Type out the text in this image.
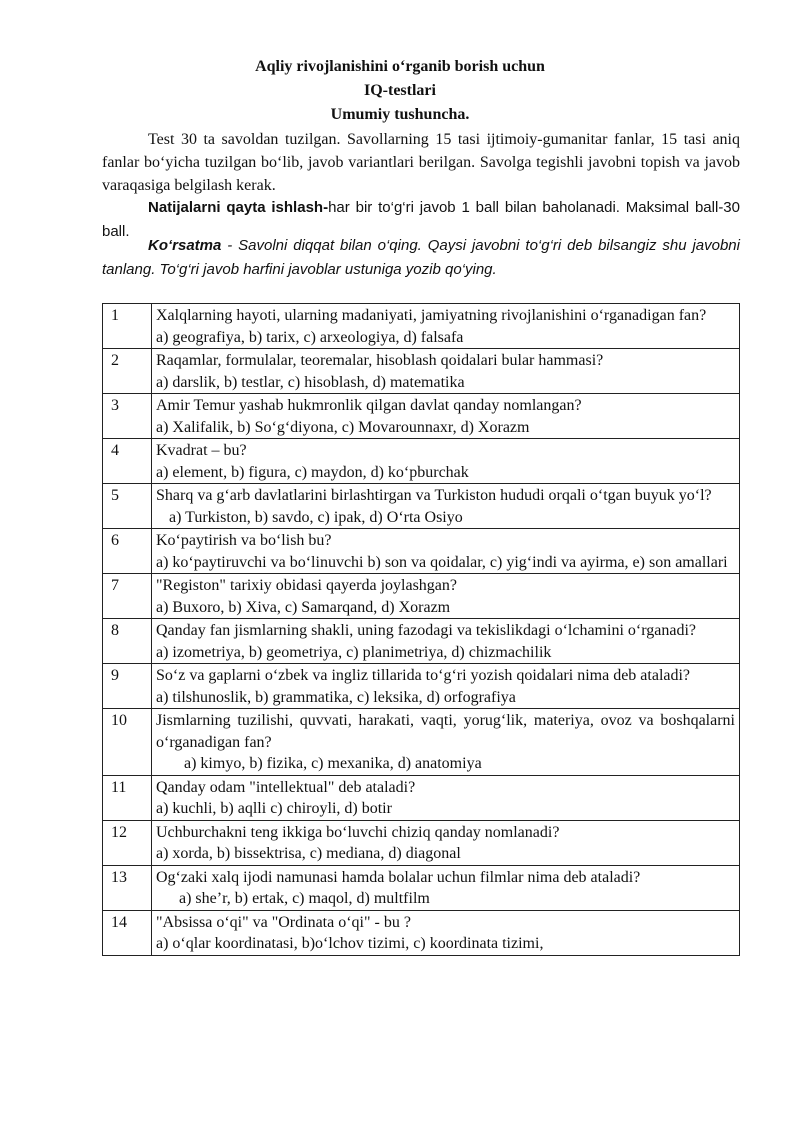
Aqliy rivojlanishini o‘rganib borish uchun
IQ-testlari
Umumiy tushuncha.
Test 30 ta savoldan tuzilgan. Savollarning 15 tasi ijtimoiy-gumanitar fanlar, 15 tasi aniq fanlar bo‘yicha tuzilgan bo‘lib, javob variantlari berilgan. Savolga tegishli javobni topish va javob varaqasiga belgilash kerak.
Natijalarni qayta ishlash-har bir to‘g‘ri javob 1 ball bilan baholanadi. Maksimal ball-30 ball.
Ko‘rsatma - Savolni diqqat bilan o‘qing. Qaysi javobni to‘g‘ri deb bilsangiz shu javobni tanlang. To‘g‘ri javob harfini javoblar ustuniga yozib qo‘ying.
1	Xalqlarning hayoti, ularning madaniyati, jamiyatning rivojlanishini o‘rganadigan fan?
a) geografiya, b) tarix, c) arxeologiya, d) falsafa

2	Raqamlar, formulalar, teoremalar, hisoblash qoidalari bular hammasi?
a) darslik, b) testlar, c) hisoblash, d) matematika

3	Amir Temur yashab hukmronlik qilgan davlat qanday nomlangan?
a) Xalifalik, b) So‘g‘diyona, c) Movarounnaxr, d) Xorazm

4	Kvadrat – bu?
a) element, b) figura, c) maydon, d) ko‘pburchak

5	Sharq va g‘arb davlatlarini birlashtirgan va Turkiston hududi orqali o‘tgan buyuk yo‘l?
a) Turkiston, b) savdo, c) ipak, d) O‘rta Osiyo

6	Ko‘paytirish va bo‘lish bu?
a) ko‘paytiruvchi va bo‘linuvchi b) son va qoidalar, c) yig‘indi va ayirma, e) son amallari

7	"Registon" tarixiy obidasi qayerda joylashgan?
a) Buxoro, b) Xiva, c) Samarqand, d) Xorazm

8	Qanday fan jismlarning shakli, uning fazodagi va tekislikdagi o‘lchamini o‘rganadi?
a) izometriya, b) geometriya, c) planimetriya, d) chizmachilik

9	So‘z va gaplarni o‘zbek va ingliz tillarida to‘g‘ri yozish qoidalari nima deb ataladi?
a) tilshunoslik, b) grammatika, c) leksika, d) orfografiya

10	Jismlarning tuzilishi, quvvati, harakati, vaqti, yorug‘lik, materiya, ovoz va boshqalarni o‘rganadigan fan?
a) kimyo, b) fizika, c) mexanika, d) anatomiya

11	Qanday odam "intellektual" deb ataladi?
a) kuchli, b) aqlli c) chiroyli, d) botir

12	Uchburchakni teng ikkiga bo‘luvchi chiziq qanday nomlanadi?
a) xorda, b) bissektrisa, c) mediana, d) diagonal

13	Og‘zaki xalq ijodi namunasi hamda bolalar uchun filmlar nima deb ataladi?
a) she’r, b) ertak, c) maqol, d) multfilm

14	"Absissa o‘qi" va "Ordinata o‘qi" - bu ?
a) o‘qlar koordinatasi, b)o‘lchov tizimi, c) koordinata tizimi,
